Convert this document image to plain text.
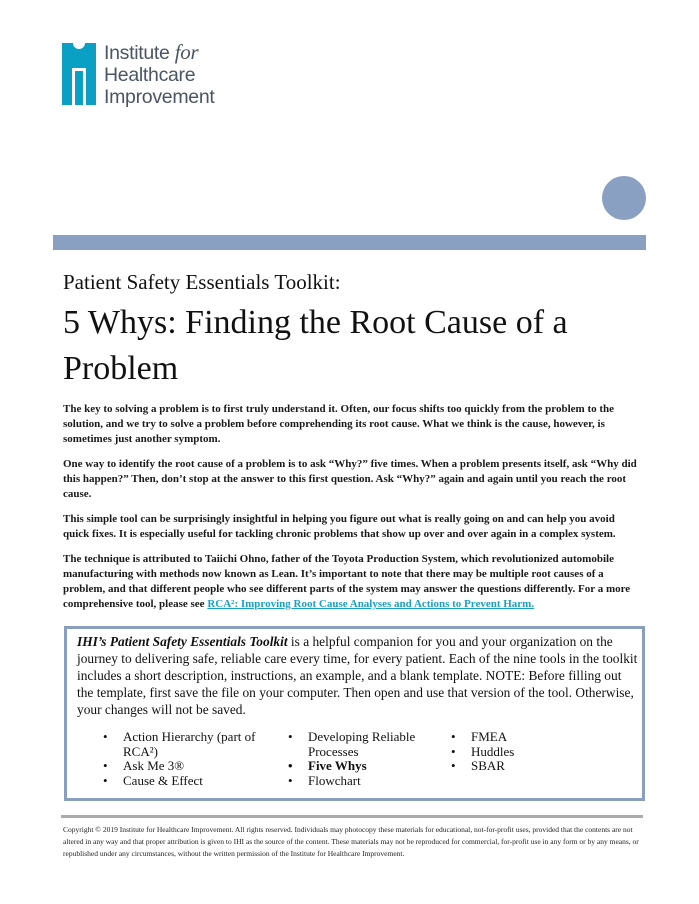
Institute for
Healthcare
Improvement
Patient Safety Essentials Toolkit:
5 Whys: Finding the Root Cause of a Problem

The key to solving a problem is to first truly understand it. Often, our focus shifts too quickly from the problem to the solution, and we try to solve a problem before comprehending its root cause. What we think is the cause, however, is sometimes just another symptom.

One way to identify the root cause of a problem is to ask “Why?” five times. When a problem presents itself, ask “Why did this happen?” Then, don’t stop at the answer to this first question. Ask “Why?” again and again until you reach the root cause.

This simple tool can be surprisingly insightful in helping you figure out what is really going on and can help you avoid quick fixes. It is especially useful for tackling chronic problems that show up over and over again in a complex system.

The technique is attributed to Taiichi Ohno, father of the Toyota Production System, which revolutionized automobile manufacturing with methods now known as Lean. It’s important to note that there may be multiple root causes of a problem, and that different people who see different parts of the system may answer the questions differently. For a more comprehensive tool, please see RCA²: Improving Root Cause Analyses and Actions to Prevent Harm.

IHI’s Patient Safety Essentials Toolkit is a helpful companion for you and your organization on the journey to delivering safe, reliable care every time, for every patient. Each of the nine tools in the toolkit includes a short description, instructions, an example, and a blank template. NOTE: Before filling out the template, first save the file on your computer. Then open and use that version of the tool. Otherwise, your changes will not be saved.
• Action Hierarchy (part of RCA²)
• Ask Me 3®
• Cause & Effect
• Developing Reliable Processes
• Five Whys
• Flowchart
• FMEA
• Huddles
• SBAR
Copyright © 2019 Institute for Healthcare Improvement. All rights reserved. Individuals may photocopy these materials for educational, not-for-profit uses, provided that the contents are not altered in any way and that proper attribution is given to IHI as the source of the content. These materials may not be reproduced for commercial, for-profit use in any form or by any means, or republished under any circumstances, without the written permission of the Institute for Healthcare Improvement.
